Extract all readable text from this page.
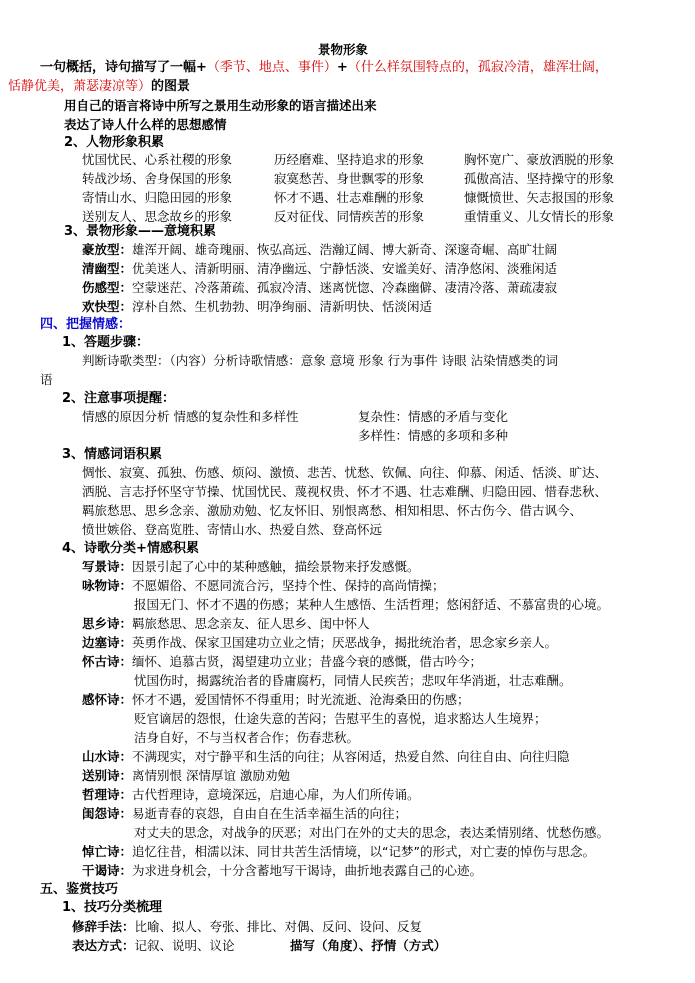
景物形象
一句概括，诗句描写了一幅+（季节、地点、事件）+（什么样氛围特点的，孤寂冷清，雄浑壮阔，
恬静优美，萧瑟凄凉等）的图景
用自己的语言将诗中所写之景用生动形象的语言描述出来
表达了诗人什么样的思想感情
2、人物形象积累
忧国忧民、心系社稷的形象	历经磨难、坚持追求的形象	胸怀宽广、豪放洒脱的形象
转战沙场、舍身保国的形象	寂寞愁苦、身世飘零的形象	孤傲高洁、坚持操守的形象
寄情山水、归隐田园的形象	怀才不遇、壮志难酬的形象	慷慨愤世、矢志报国的形象
送别友人、思念故乡的形象	反对征伐、同情疾苦的形象	重情重义、儿女情长的形象
3、景物形象——意境积累
豪放型：雄浑开阔、雄奇瑰丽、恢弘高远、浩瀚辽阔、博大新奇、深邃奇崛、高旷壮阔
清幽型：优美迷人、清新明丽、清净幽远、宁静恬淡、安谧美好、清净悠闲、淡雅闲适
伤感型：空蒙迷茫、冷落萧疏、孤寂冷清、迷离恍惚、冷森幽僻、凄清冷落、萧疏凄寂
欢快型：淳朴自然、生机勃勃、明净绚丽、清新明快、恬淡闲适
四、把握情感：
1、答题步骤：
判断诗歌类型：（内容）分析诗歌情感：意象 意境 形象 行为事件 诗眼 沾染情感类的词
语
2、注意事项提醒：
情感的原因分析 情感的复杂性和多样性	复杂性：情感的矛盾与变化
多样性：情感的多项和多种
3、情感词语积累
惆怅、寂寞、孤独、伤感、烦闷、激愤、悲苦、忧愁、钦佩、向往、仰慕、闲适、恬淡、旷达、
洒脱、言志抒怀坚守节操、忧国忧民、蔑视权贵、怀才不遇、壮志难酬、归隐田园、惜春悲秋、
羁旅愁思、思乡念亲、激励劝勉、忆友怀旧、别恨离愁、相知相思、怀古伤今、借古讽今、
愤世嫉俗、登高览胜、寄情山水、热爱自然、登高怀远
4、诗歌分类+情感积累
写景诗：因景引起了心中的某种感触，描绘景物来抒发感慨。
咏物诗：不愿媚俗、不愿同流合污，坚持个性、保持的高尚情操；
报国无门、怀才不遇的伤感；某种人生感悟、生活哲理；悠闲舒适、不慕富贵的心境。
思乡诗：羁旅愁思、思念亲友、征人思乡、闺中怀人
边塞诗：英勇作战、保家卫国建功立业之情；厌恶战争，揭批统治者，思念家乡亲人。
怀古诗：缅怀、追慕古贤，渴望建功立业；昔盛今衰的感慨，借古吟今；
忧国伤时，揭露统治者的昏庸腐朽，同情人民疾苦；悲叹年华消逝，壮志难酬。
感怀诗：怀才不遇，爱国情怀不得重用；时光流逝、沧海桑田的伤感；
贬官谪居的怨恨，仕途失意的苦闷；告慰平生的喜悦，追求豁达人生境界；
洁身自好，不与当权者合作；伤春悲秋。
山水诗：不满现实，对宁静平和生活的向往；从容闲适，热爱自然、向往自由、向往归隐
送别诗：离情别恨 深情厚谊 激励劝勉
哲理诗：古代哲理诗，意境深远，启迪心扉，为人们所传诵。
闺怨诗：易逝青春的哀怨，自由自在生活幸福生活的向往；
对丈夫的思念，对战争的厌恶；对出门在外的丈夫的思念，表达柔情别绪、忧愁伤感。
悼亡诗：追忆往昔，相濡以沫、同甘共苦生活情境，以“记梦”的形式，对亡妻的悼伤与思念。
干谒诗：为求进身机会，十分含蓄地写干谒诗，曲折地表露自己的心迹。
五、鉴赏技巧
1、技巧分类梳理
修辞手法：比喻、拟人、夸张、排比、对偶、反问、设问、反复
表达方式：记叙、说明、议论	描写（角度）、抒情（方式）
